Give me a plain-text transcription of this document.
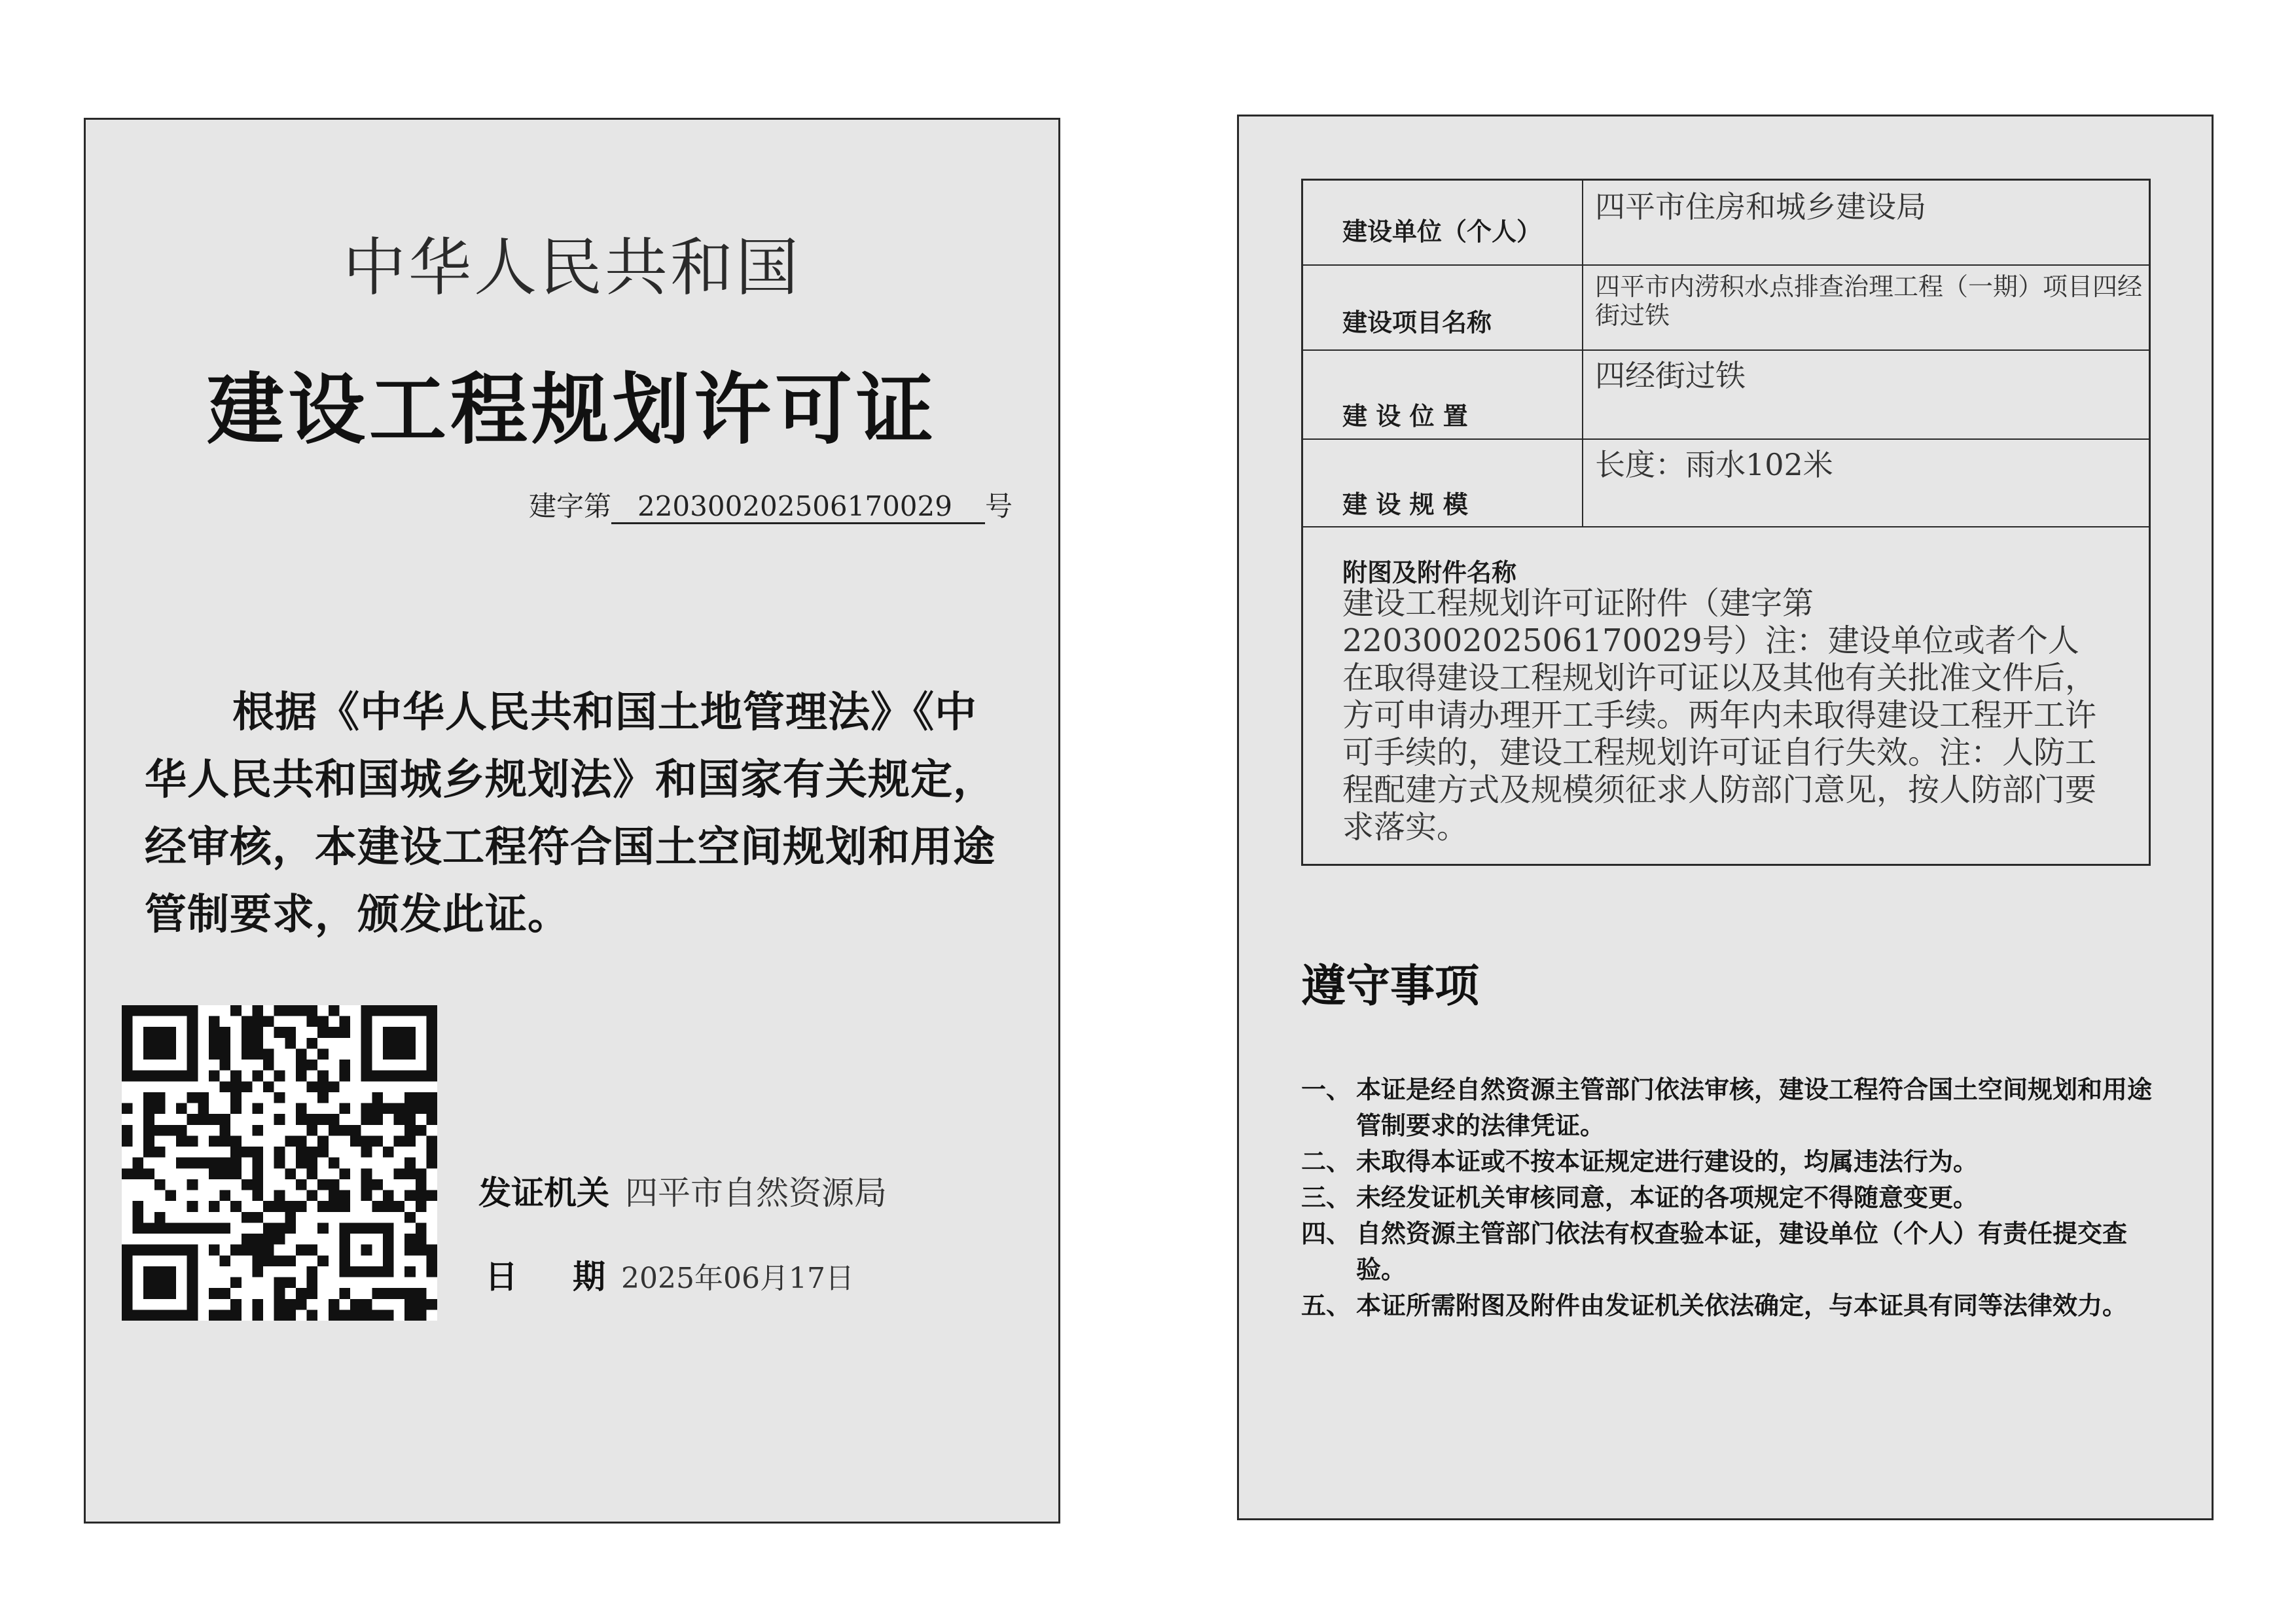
中华人民共和国
建设工程规划许可证
建字第 220300202506170029 号
根据《中华人民共和国土地管理法》《中华人民共和国城乡规划法》和国家有关规定，经审核，本建设工程符合国土空间规划和用途管制要求，颁发此证。
发证机关 四平市自然资源局
日 期 2025年06月17日
建设单位（个人）
四平市住房和城乡建设局
建设项目名称
四平市内涝积水点排查治理工程（一期）项目四经街过铁
建 设 位 置
四经街过铁
建 设 规 模
长度：雨水102米
附图及附件名称
建设工程规划许可证附件（建字第220300202506170029号）注：建设单位或者个人在取得建设工程规划许可证以及其他有关批准文件后，方可申请办理开工手续。两年内未取得建设工程开工许可手续的，建设工程规划许可证自行失效。注：人防工程配建方式及规模须征求人防部门意见，按人防部门要求落实。
遵守事项
一、 本证是经自然资源主管部门依法审核，建设工程符合国土空间规划和用途管制要求的法律凭证。
二、 未取得本证或不按本证规定进行建设的，均属违法行为。
三、 未经发证机关审核同意，本证的各项规定不得随意变更。
四、 自然资源主管部门依法有权查验本证，建设单位（个人）有责任提交查验。
五、 本证所需附图及附件由发证机关依法确定，与本证具有同等法律效力。
